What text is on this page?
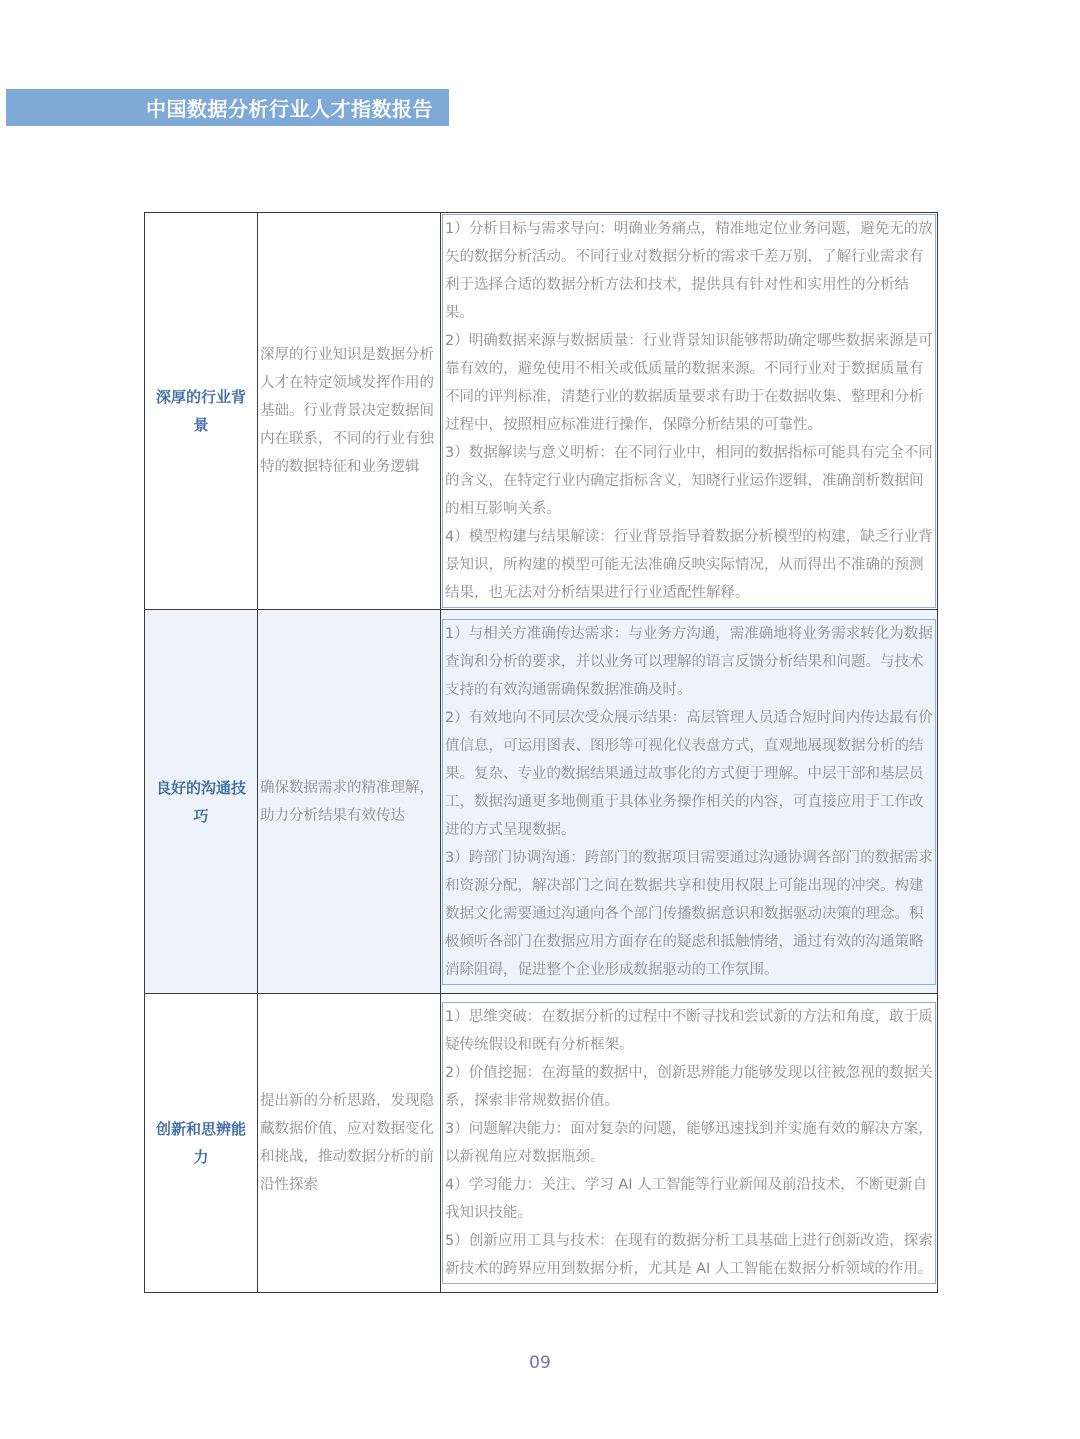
中国数据分析行业人才指数报告
深厚的行业背景	深厚的行业知识是数据分析人才在特定领域发挥作用的基础。行业背景决定数据间内在联系，不同的行业有独特的数据特征和业务逻辑	1）分析目标与需求导向：明确业务痛点，精准地定位业务问题，避免无的放矢的数据分析活动。不同行业对数据分析的需求千差万别，了解行业需求有利于选择合适的数据分析方法和技术，提供具有针对性和实用性的分析结果。
2）明确数据来源与数据质量：行业背景知识能够帮助确定哪些数据来源是可靠有效的，避免使用不相关或低质量的数据来源。不同行业对于数据质量有不同的评判标准，清楚行业的数据质量要求有助于在数据收集、整理和分析过程中，按照相应标准进行操作，保障分析结果的可靠性。
3）数据解读与意义明析：在不同行业中，相同的数据指标可能具有完全不同的含义，在特定行业内确定指标含义，知晓行业运作逻辑，准确剖析数据间的相互影响关系。
4）模型构建与结果解读：行业背景指导着数据分析模型的构建，缺乏行业背景知识，所构建的模型可能无法准确反映实际情况，从而得出不准确的预测结果，也无法对分析结果进行行业适配性解释。

良好的沟通技巧	确保数据需求的精准理解，助力分析结果有效传达	1）与相关方准确传达需求：与业务方沟通，需准确地将业务需求转化为数据查询和分析的要求，并以业务可以理解的语言反馈分析结果和问题。与技术支持的有效沟通需确保数据准确及时。
2）有效地向不同层次受众展示结果：高层管理人员适合短时间内传达最有价值信息，可运用图表、图形等可视化仪表盘方式，直观地展现数据分析的结果。复杂、专业的数据结果通过故事化的方式便于理解。中层干部和基层员工，数据沟通更多地侧重于具体业务操作相关的内容，可直接应用于工作改进的方式呈现数据。
3）跨部门协调沟通：跨部门的数据项目需要通过沟通协调各部门的数据需求和资源分配，解决部门之间在数据共享和使用权限上可能出现的冲突。构建数据文化需要通过沟通向各个部门传播数据意识和数据驱动决策的理念。积极倾听各部门在数据应用方面存在的疑虑和抵触情绪，通过有效的沟通策略消除阻碍，促进整个企业形成数据驱动的工作氛围。

创新和思辨能力	提出新的分析思路，发现隐藏数据价值，应对数据变化和挑战，推动数据分析的前沿性探索	1）思维突破：在数据分析的过程中不断寻找和尝试新的方法和角度，敢于质疑传统假设和既有分析框架。
2）价值挖掘：在海量的数据中，创新思辨能力能够发现以往被忽视的数据关系，探索非常规数据价值。
3）问题解决能力：面对复杂的问题，能够迅速找到并实施有效的解决方案，以新视角应对数据瓶颈。
4）学习能力：关注、学习 AI 人工智能等行业新闻及前沿技术，不断更新自我知识技能。
5）创新应用工具与技术：在现有的数据分析工具基础上进行创新改造，探索新技术的跨界应用到数据分析，尤其是 AI 人工智能在数据分析领域的作用。
09
